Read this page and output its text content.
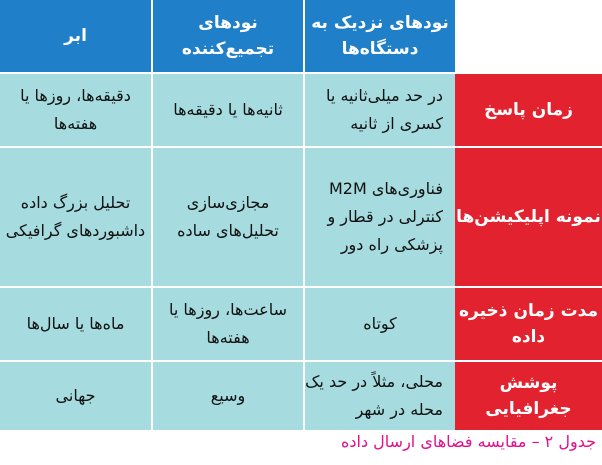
نودهای نزدیک به دستگاه‌ها
نودهای تجمیع‌کننده
ابر
زمان پاسخ
در حد میلی‌ثانیه یا کسری از ثانیه
ثانیه‌ها یا دقیقه‌ها
دقیقه‌ها، روزها یا هفته‌ها
نمونه اپلیکیشن‌ها
فناوری‌های M2M کنترلی در قطار و پزشکی راه دور
مجازی‌سازی تحلیل‌های ساده
تحلیل بزرگ داده داشبوردهای گرافیکی
مدت زمان ذخیره داده
کوتاه
ساعت‌ها، روزها یا هفته‌ها
ماه‌ها یا سال‌ها
پوشش جغرافیایی
محلی، مثلاً در حد یک محله در شهر
وسیع
جهانی
جدول ۲ – مقایسه فضاهای ارسال داده
